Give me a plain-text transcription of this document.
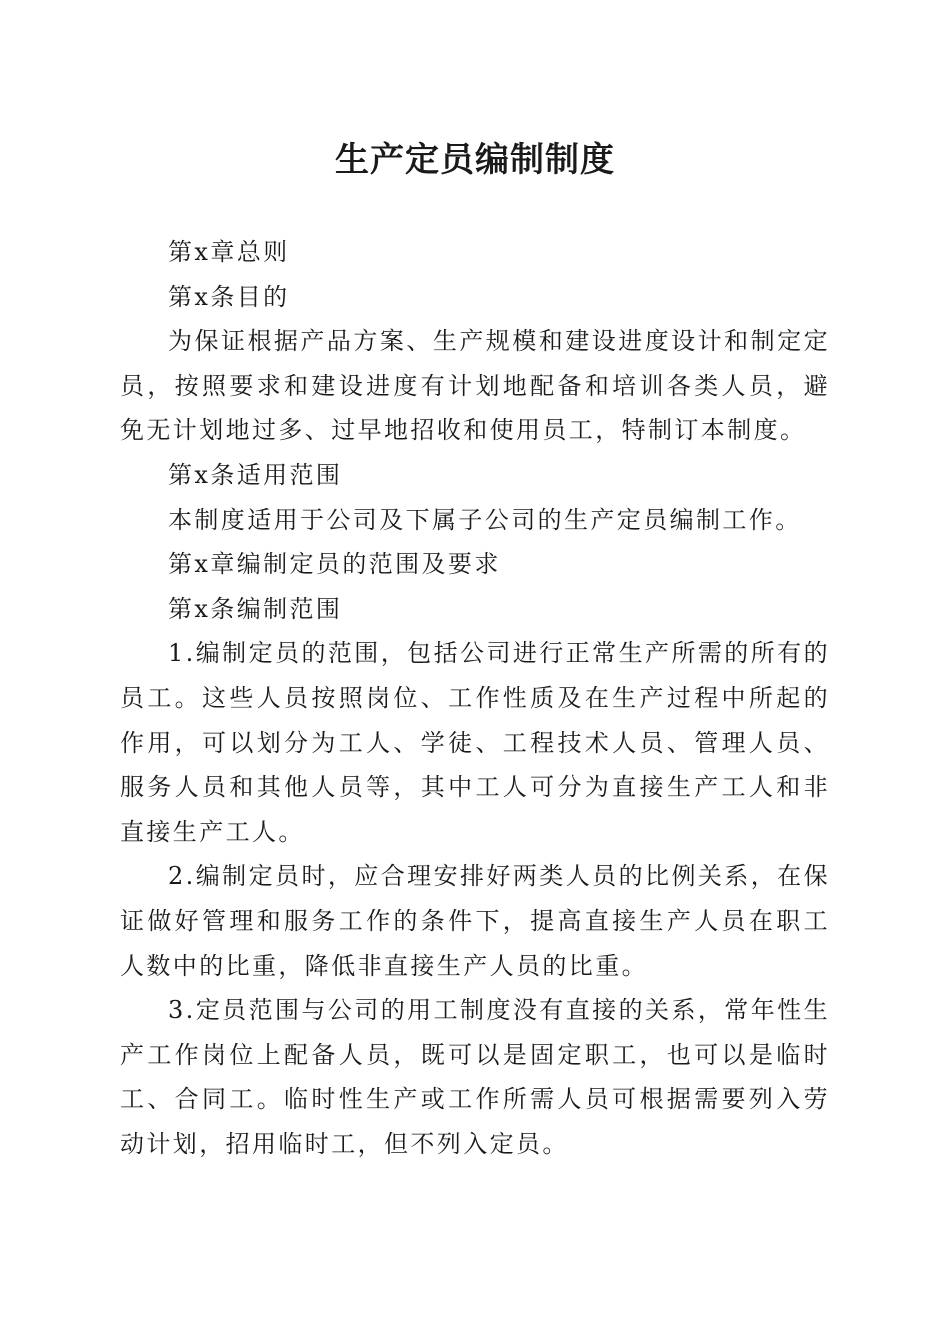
生产定员编制制度

第x章总则

第x条目的

为保证根据产品方案、生产规模和建设进度设计和制定定员，按照要求和建设进度有计划地配备和培训各类人员，避免无计划地过多、过早地招收和使用员工，特制订本制度。

第x条适用范围

本制度适用于公司及下属子公司的生产定员编制工作。

第x章编制定员的范围及要求

第x条编制范围

1.编制定员的范围，包括公司进行正常生产所需的所有的员工。这些人员按照岗位、工作性质及在生产过程中所起的作用，可以划分为工人、学徒、工程技术人员、管理人员、服务人员和其他人员等，其中工人可分为直接生产工人和非直接生产工人。

2.编制定员时，应合理安排好两类人员的比例关系，在保证做好管理和服务工作的条件下，提高直接生产人员在职工人数中的比重，降低非直接生产人员的比重。

3.定员范围与公司的用工制度没有直接的关系，常年性生产工作岗位上配备人员，既可以是固定职工，也可以是临时工、合同工。临时性生产或工作所需人员可根据需要列入劳动计划，招用临时工，但不列入定员。
